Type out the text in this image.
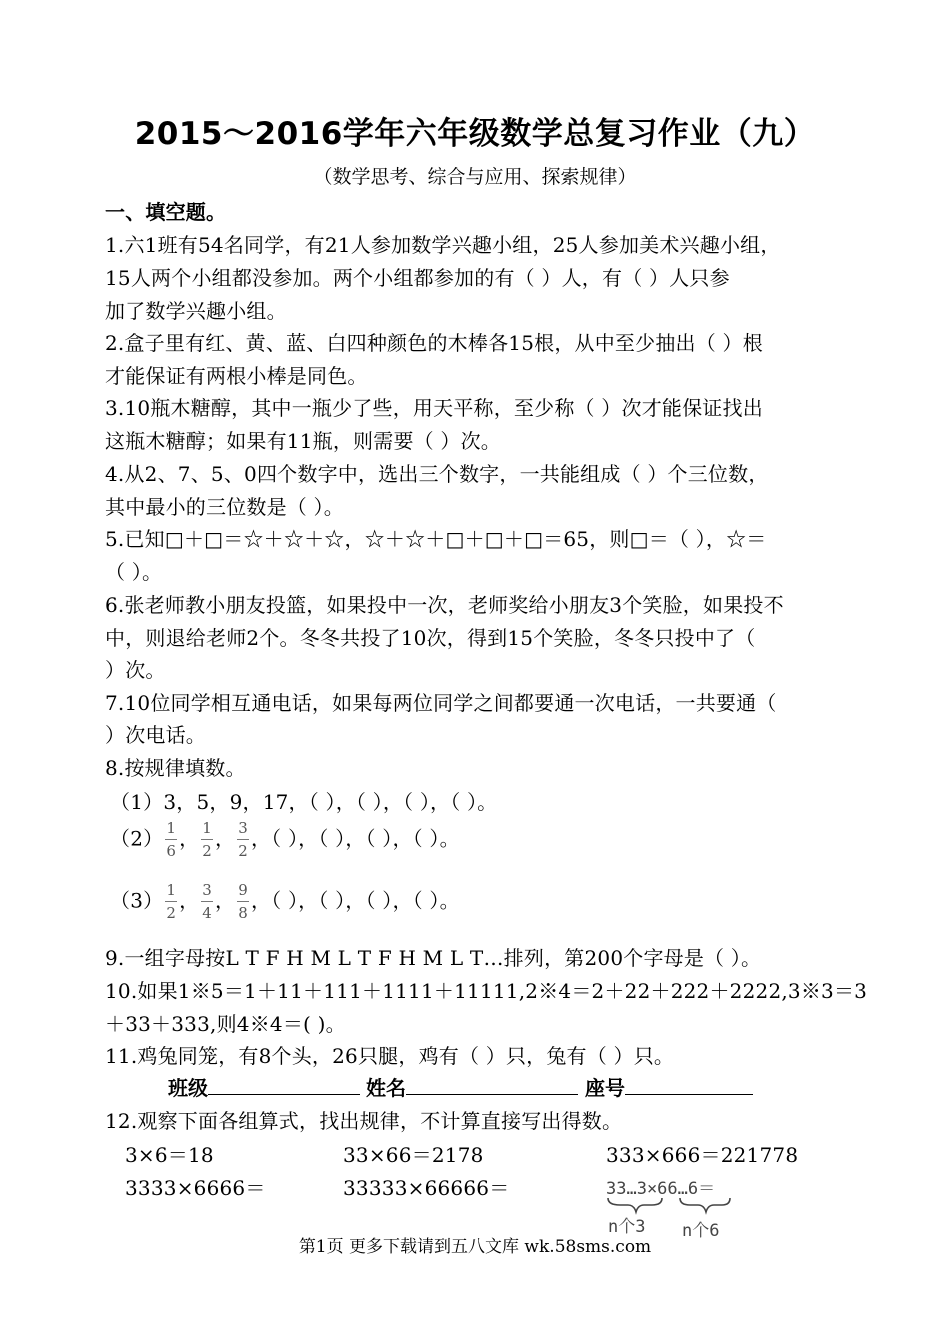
2015～2016学年六年级数学总复习作业（九）
（数学思考、综合与应用、探索规律）
一、填空题。
1.六1班有54名同学，有21人参加数学兴趣小组，25人参加美术兴趣小组，
15人两个小组都没参加。两个小组都参加的有（ ）人，有（ ）人只参
加了数学兴趣小组。
2.盒子里有红、黄、蓝、白四种颜色的木棒各15根，从中至少抽出（ ）根
才能保证有两根小棒是同色。
3.10瓶木糖醇，其中一瓶少了些，用天平称，至少称（ ）次才能保证找出
这瓶木糖醇；如果有11瓶，则需要（ ）次。
4.从2、7、5、0四个数字中，选出三个数字，一共能组成（ ）个三位数，
其中最小的三位数是（ ）。
5.已知□＋□＝☆＋☆＋☆，☆＋☆＋□＋□＋□＝65，则□＝（ ），☆＝
（ ）。
6.张老师教小朋友投篮，如果投中一次，老师奖给小朋友3个笑脸，如果投不
中，则退给老师2个。冬冬共投了10次，得到15个笑脸，冬冬只投中了（
）次。
7.10位同学相互通电话，如果每两位同学之间都要通一次电话，一共要通（
）次电话。
8.按规律填数。
（1）3，5，9，17，（ ），（ ），（ ），（ ）。
$(2) \frac{1}{6}$ ， $\frac{1}{2}$ ， $\frac{3}{2}$ ，（ ），（ ），（ ），（ ）。
$(3) \frac{1}{2}$ ， $\frac{3}{4}$ ， $\frac{9}{8}$ ，（ ），（ ），（ ），（ ）。
9.一组字母按L T F H M L T F H M L T…排列，第200个字母是（ ）。
10.如果1※5＝1＋11＋111＋1111＋11111,2※4＝2＋22＋222＋2222,3※3＝3
＋33＋333,则4※4＝( )。
11.鸡兔同笼，有8个头，26只腿，鸡有（ ）只，兔有（ ）只。
班级	姓名	座号
12.观察下面各组算式，找出规律，不计算直接写出得数。
3×6＝18	33×66＝2178	333×666＝221778
3333×6666＝	33333×66666＝	33…3×66…6＝
n个3 n个6
第1页 更多下载请到五八文库 wk.58sms.com
